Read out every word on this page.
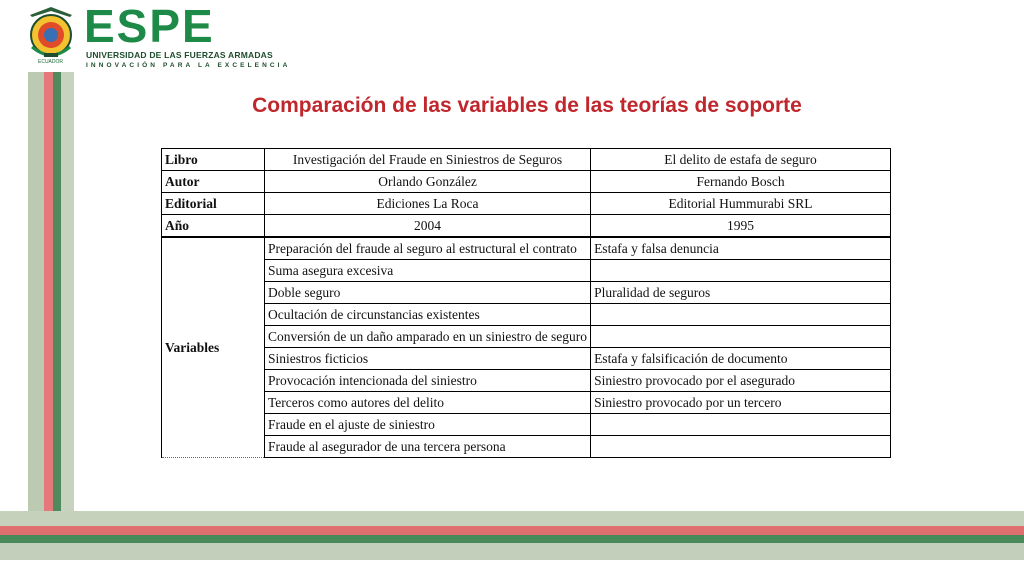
ECUADOR
ESPE
UNIVERSIDAD DE LAS FUERZAS ARMADAS
INNOVACIÓN PARA LA EXCELENCIA
Comparación de las variables de las teorías de soporte
Libro	Investigación del Fraude en Siniestros de Seguros	El delito de estafa de seguro
Autor	Orlando González	Fernando Bosch
Editorial	Ediciones La Roca	Editorial Hummurabi SRL
Año	2004	1995
Variables	Preparación del fraude al seguro al estructural el contrato	Estafa y falsa denuncia
	Suma asegura excesiva	
	Doble seguro	Pluralidad de seguros
	Ocultación de circunstancias existentes	
	Conversión de un daño amparado en un siniestro de seguro	
	Siniestros ficticios	Estafa y falsificación de documento
	Provocación intencionada del siniestro	Siniestro provocado por el asegurado
	Terceros como autores del delito	Siniestro provocado por un tercero
	Fraude en el ajuste de siniestro	
	Fraude al asegurador de una tercera persona	
